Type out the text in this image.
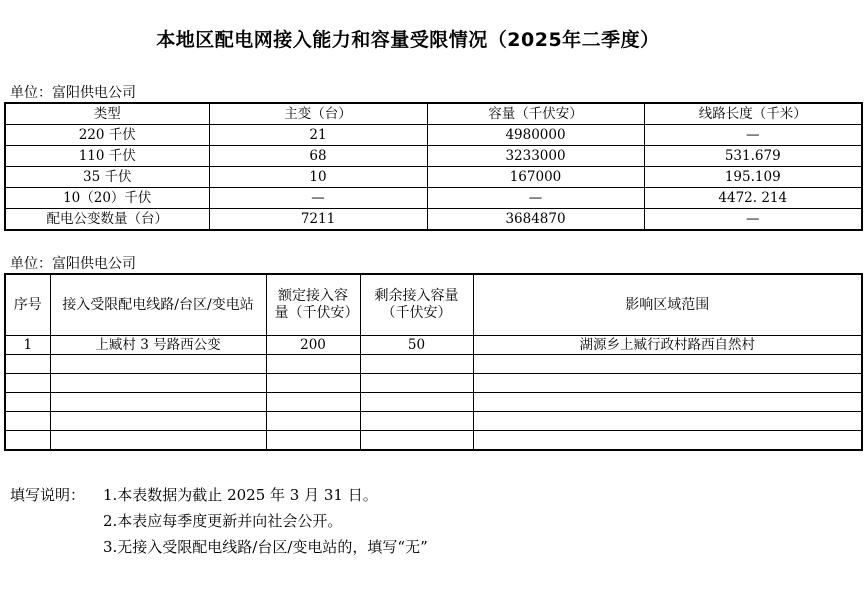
本地区配电网接入能力和容量受限情况（2025年二季度）
单位：富阳供电公司
类型	主变（台）	容量（千伏安）	线路长度（千米）
220 千伏	21	4980000	—
110 千伏	68	3233000	531.679
35 千伏	10	167000	195.109
10（20）千伏	—	—	4472. 214
配电公变数量（台）	7211	3684870	—
单位：富阳供电公司
序号	接入受限配电线路/台区/变电站	额定接入容量（千伏安）	剩余接入容量（千伏安）	影响区域范围
1	上臧村 3 号路西公变	200	50	湖源乡上臧行政村路西自然村

填写说明：	1.本表数据为截止 2025 年 3 月 31 日。
2.本表应每季度更新并向社会公开。
3.无接入受限配电线路/台区/变电站的，填写“无”
